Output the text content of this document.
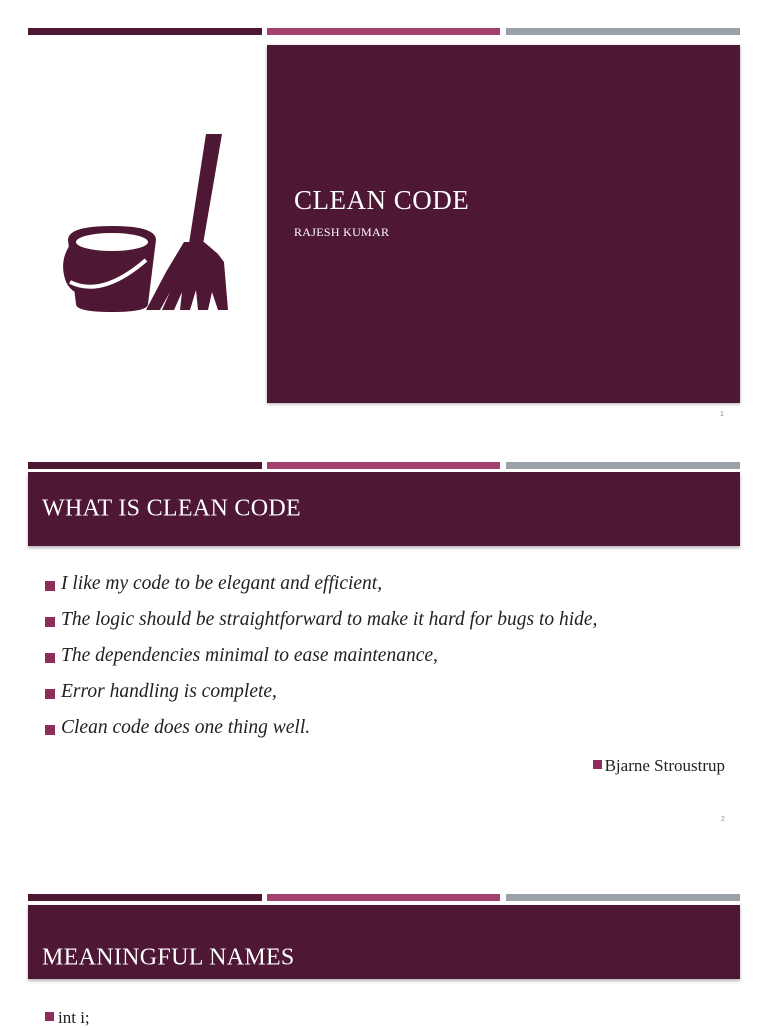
CLEAN CODE
RAJESH KUMAR
1
WHAT IS CLEAN CODE
I like my code to be elegant and efficient,
The logic should be straightforward to make it hard for bugs to hide,
The dependencies minimal to ease maintenance,
Error handling is complete,
Clean code does one thing well.
Bjarne Stroustrup
2
MEANINGFUL NAMES
int i;
